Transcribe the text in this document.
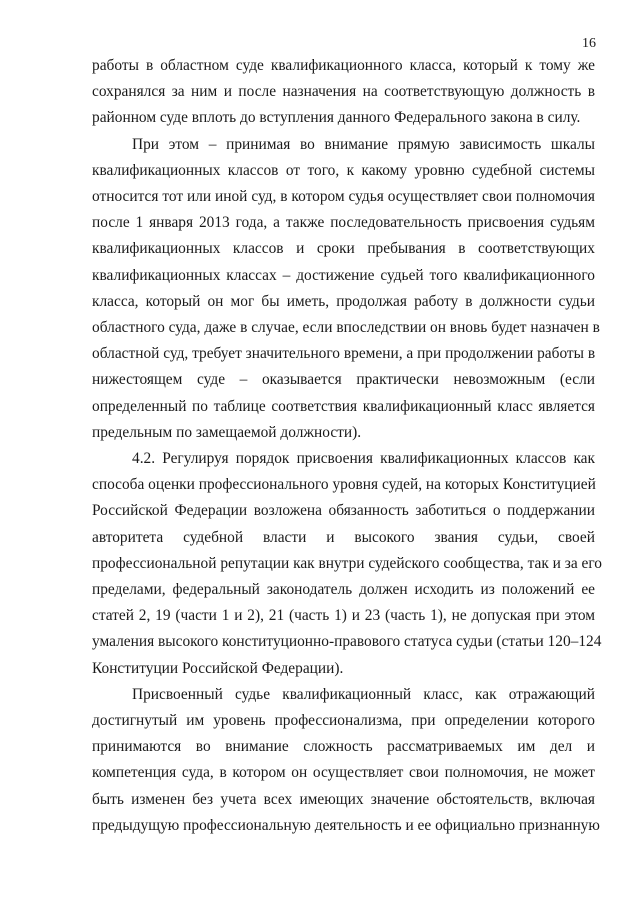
16
работы в областном суде квалификационного класса, который к тому же
сохранялся за ним и после назначения на соответствующую должность в
районном суде вплоть до вступления данного Федерального закона в силу.
При этом – принимая во внимание прямую зависимость шкалы
квалификационных классов от того, к какому уровню судебной системы
относится тот или иной суд, в котором судья осуществляет свои полномочия
после 1 января 2013 года, а также последовательность присвоения судьям
квалификационных классов и сроки пребывания в соответствующих
квалификационных классах – достижение судьей того квалификационного
класса, который он мог бы иметь, продолжая работу в должности судьи
областного суда, даже в случае, если впоследствии он вновь будет назначен в
областной суд, требует значительного времени, а при продолжении работы в
нижестоящем суде – оказывается практически невозможным (если
определенный по таблице соответствия квалификационный класс является
предельным по замещаемой должности).
4.2. Регулируя порядок присвоения квалификационных классов как
способа оценки профессионального уровня судей, на которых Конституцией
Российской Федерации возложена обязанность заботиться о поддержании
авторитета судебной власти и высокого звания судьи, своей
профессиональной репутации как внутри судейского сообщества, так и за его
пределами, федеральный законодатель должен исходить из положений ее
статей 2, 19 (части 1 и 2), 21 (часть 1) и 23 (часть 1), не допуская при этом
умаления высокого конституционно-правового статуса судьи (статьи 120–124
Конституции Российской Федерации).
Присвоенный судье квалификационный класс, как отражающий
достигнутый им уровень профессионализма, при определении которого
принимаются во внимание сложность рассматриваемых им дел и
компетенция суда, в котором он осуществляет свои полномочия, не может
быть изменен без учета всех имеющих значение обстоятельств, включая
предыдущую профессиональную деятельность и ее официально признанную
